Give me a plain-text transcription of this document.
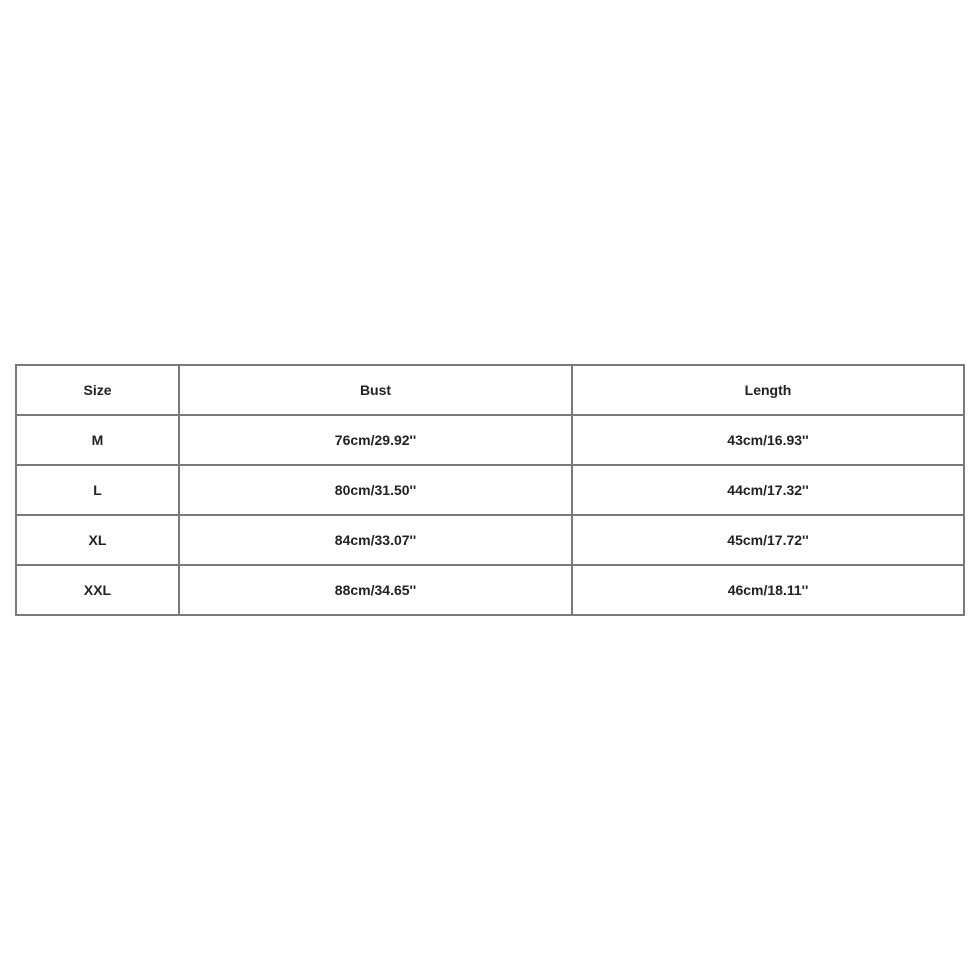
Size	Bust	Length
M	76cm/29.92''	43cm/16.93''
L	80cm/31.50''	44cm/17.32''
XL	84cm/33.07''	45cm/17.72''
XXL	88cm/34.65''	46cm/18.11''
